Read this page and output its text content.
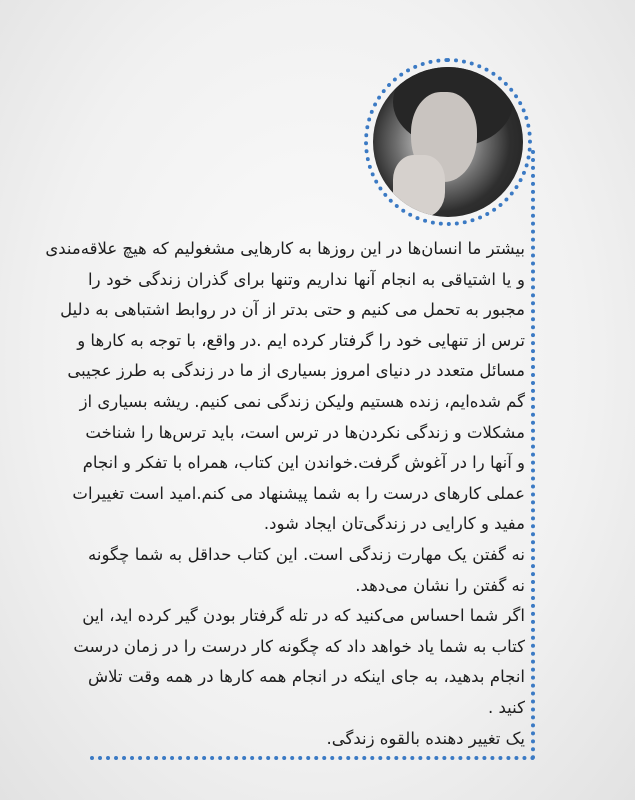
بیشتر ما انسان‌ها در این روزها به کارهایی مشغولیم که هیچ علاقه‌مندی
و یا اشتیاقی به انجام آنها نداریم وتنها برای گذران زندگی خود را
مجبور به تحمل می کنیم و حتی بدتر از آن در روابط اشتباهی به دلیل
ترس از تنهایی خود را گرفتار کرده ایم .در واقع، با توجه به کارها و
مسائل متعدد در دنیای امروز بسیاری از ما در زندگی به طرز عجیبی
گم شده‌ایم، زنده هستیم ولیکن زندگی نمی کنیم. ریشه بسیاری از
مشکلات و زندگی نکردن‌ها در ترس است، باید ترس‌ها را شناخت
و آنها را در آغوش گرفت.خواندن این کتاب، همراه با تفکر و انجام
عملی کارهای درست را به شما پیشنهاد می کنم.امید است تغییرات
مفید و کارایی در زندگی‌تان ایجاد شود.
نه گفتن یک مهارت زندگی است. این کتاب حداقل به شما چگونه
نه گفتن را نشان می‌دهد.
اگر شما احساس می‌کنید که در تله گرفتار بودن گیر کرده اید، این
کتاب به شما یاد خواهد داد که چگونه کار درست را در زمان درست
انجام بدهید، به جای اینکه در انجام همه کارها در همه وقت تلاش
کنید .
یک تغییر دهنده بالقوه زندگی.
